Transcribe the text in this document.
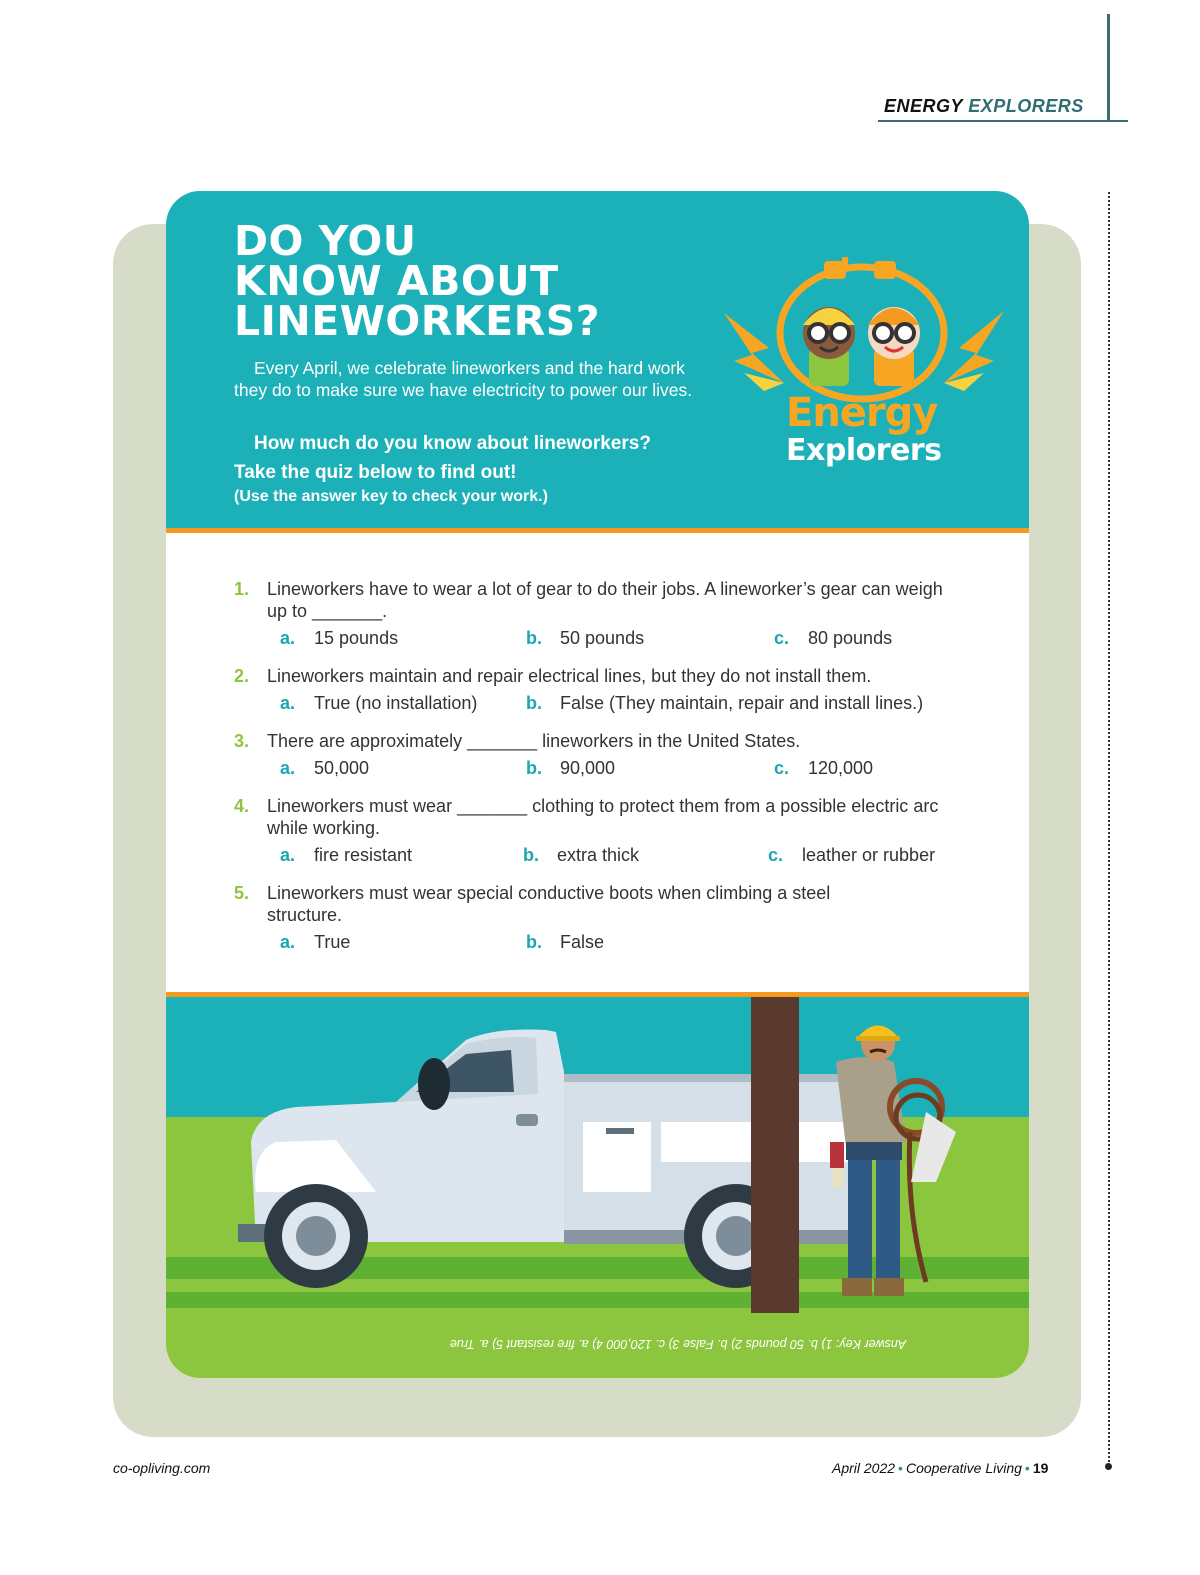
ENERGY EXPLORERS
DO YOU
KNOW ABOUT
LINEWORKERS?
Every April, we celebrate lineworkers and the hard work they do to make sure we have electricity to power our lives.
How much do you know about lineworkers?
Take the quiz below to find out!
(Use the answer key to check your work.)
Energy
Explorers
1. Lineworkers have to wear a lot of gear to do their jobs. A lineworker’s gear can weigh up to _______.
a. 15 pounds	b. 50 pounds	c. 80 pounds
2. Lineworkers maintain and repair electrical lines, but they do not install them.
a. True (no installation)	b. False (They maintain, repair and install lines.)
3. There are approximately _______ lineworkers in the United States.
a. 50,000	b. 90,000	c. 120,000
4. Lineworkers must wear _______ clothing to protect them from a possible electric arc while working.
a. fire resistant	b. extra thick	c. leather or rubber
5. Lineworkers must wear special conductive boots when climbing a steel structure.
a. True	b. False
Answer Key: 1) b. 50 pounds 2) b. False 3) c. 120,000 4) a. fire resistant 5) a. True
co-opliving.com	April 2022 • Cooperative Living • 19
